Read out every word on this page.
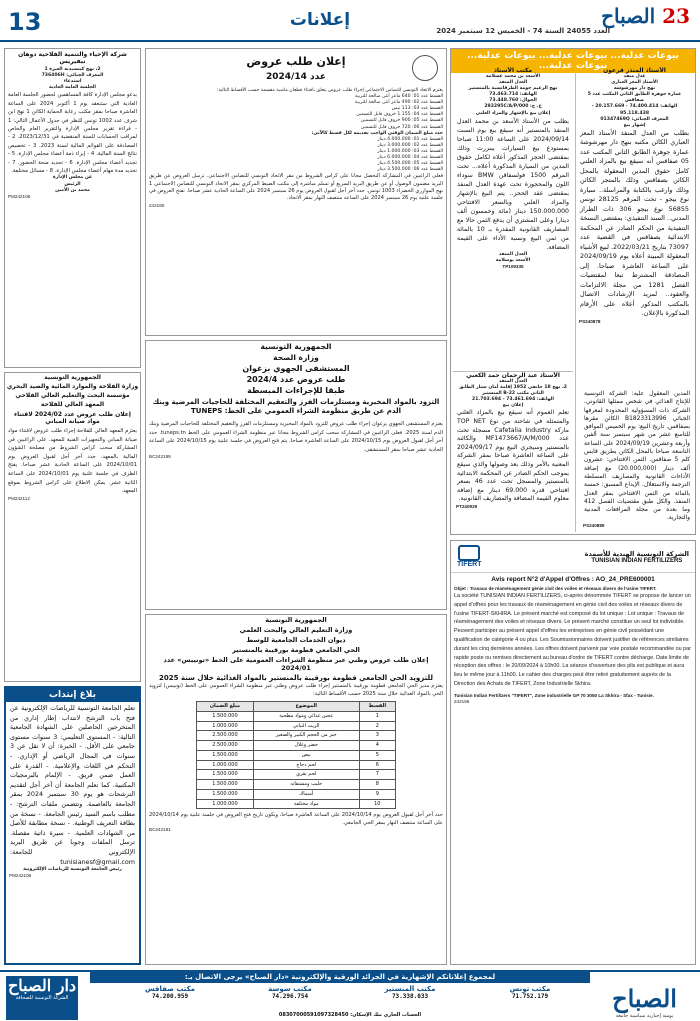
13	إعلانات	23 الصباح
العدد 24055 السنة 74 - الخميس 12 سبتمبر 2024
بيوعات عدلية... بيوعات عدلية... بيوعات عدلية... بيوعات عدلية...
الأستاذ المنذر قرعون
عدل منفذ
الأستاذ المعز العباري
نهج دار مهرشوشة
عمارة جوهرة الطابق الثاني المكتب عدد 5 صفاقس
الهاتف: 74.400.414 - 20.157.669 - 95.118.438
المعرف الجبائي: 01347469Q
إشهار بيع
بطلب من العدل المنفذ الأستاذ المعز العباري الكائن مكتبه بنهج دار مهرشوشة عمارة جوهرة الطابق الثاني المكتب عدد 05 صفاقس أنه سيقع بيع بالمزاد العلني كامل حقوق المدين المعقولة بالمحل الكائن بصفاقس وذلك بالمتجر الكائن وذلك وارغب بالكتابة والمراسلة.. سيارة نوع بيجو - تحت المرقم 28125 تونس 56855 نوع بيجو 306 ذات الطراز المدني.. السند التنفيذي: بمقتضى النسخة التنفيذية من الحكم الصادر عن المحكمة الابتدائية بصفاقس في القضية عدد 73097 بتاريخ 2022/03/21. لبيع الأشياء المعقولة المبينة أعلاه يوم 2024/09/19 على الساعة العاشرة صباحا. إلى المصادقة المشترط تبعا لمقتضيات الفصل 1281 من مجلة الالتزامات والعقود.. لمزيد الإرشادات الاتصال بالمكتب المذكور أعلاه على الأرقام المذكورة بالإعلان.
PS240878
مكتب الأستاذ
الأسعد بن محمد عسلامة
العدل المنفذ
نهج الزعيم حومة الطرقاتسية بالمنستير
الهاتف: 73.463.714
الجوال: 73.448.760
ع. ج: 292295C/A/P/000
إعلان بيع بالإشهار والمزاد العلني
بطلب من الأستاذ الأسعد بن محمد العدل المنفذ بالمنستير أنه سيقع بيع يوم السبت 2024/09/14 على الساعة 11:00 صباحا بمستودع بيع السيارات ببنزرت وذلك بمقتضى الحجز المذكور أعلاه لكامل حقوق المدين من السيارة المذكورة أعلاه... تحت المرقم 1500 فولسفاقن BMW سوداء اللون والمحجوزة تحت عهدة العدل المنفذ بمقتضى عقد الحجز.. يتم البيع بالإشهار والمزاد العلني وبالسعر الافتتاحي 150.000.000 دينار (مائة وخمسون ألف دينار) وعلى المشتري أن يدفع الثمن حالا مع المصاريف القانونية المقدرة بـ 10 بالمائة من ثمن البيع ونسبة الأداء على القيمة المضافة.
العدل المنفذ
الأسعد بوسلامة
TP109335
الأستاذ عبد الرحمان حمد الكعبي
العدل المنفذ
2، نهج 18 جانفي 1952 إقامة أمان ستار الطابق الثاني مكتب B-22 المنستير
الهاتف: 73.461.694 - 21.703.694
إعلان بيع
نعلم العموم أنه سيقع بيع بالمزاد العلني والمتمثلة في شاحنة من نوع TOP NET ماركة Cafetalia Industry مسجلة تحت عدد MF1473667/A/M/000 والكائنة بالمنستير وسيجري البيع يوم 2024/09/17 على الساعة العاشرة صباحا بمقر الشركة المعنية بالأمر وذلك بعد وصولها والذي سيقع بموجب الحكم الصادر عن المحكمة الابتدائية بالمنستير والمسجل تحت عدد 46 بسعر افتتاحي قدره 69.000 دينار مع إضافة معلوم القيمة المضافة والمصاريف القانونية.
PT240929
المدين المعقول عليه: الشركة التونسية للإنتاج الغذائي في شخص ممثلها القانوني. الشركة ذات المسؤولية المحدودة لمعرفها الجبائي B1823313996 الكائن مقرها بصفاقس. تاريخ البيع: يوم الخميس الموافق للتاسع عشر من شهر سبتمبر سنة ألفين وأربعة وعشرين 2024/09/19 على الساعة التاسعة صباحا بالمحل الكائن بطريق قابس كلم 5 صفاقس. الثمن الافتتاحي: عشرون ألف دينار (20.000,000) مع إضافة الأداءات القانونية والمصاريف المسلطة الترجمة والاستغلال. الإيداع المسبق: خمسة بالمائة من الثمن الافتتاحي بمقر العدل المنفذ. والكل طبق مقتضيات الفصل 412 وما بعده من مجلة المرافعات المدنية والتجارية.
PS240889
الشركة التونسية الهندية للأسمدة
TUNISIAN INDIAN FERTILIZERS
TIFERT
Avis report N°2 d'Appel d'Offres : AO_24_PRE600001
Objet : Travaux de réaménagement génie civil des voiles et réseaux divers de l'usine TIFERT.
La société TUNISIAN INDIAN FERTILIZERS, ci-après dénommée TIFERT se propose de lancer un appel d'offres pour les travaux de réaménagement en génie civil des voiles et réseaux divers de l'usine TIFERT-SKHIRA. Le présent marché est composé du lot unique : Lot unique : Travaux de réaménagement des voiles et réseaux divers. Le présent marché constitue un seul lot indivisible. Peuvent participer au présent appel d'offres les entreprises en génie civil possédant une qualification de catégorie 4 ou plus. Les Soumissionnaires doivent justifier de références similaires durant les cinq dernières années. Les offres doivent parvenir par voie postale recommandée ou par rapide poste ou remises directement au bureau d'ordre de TIFERT contre décharge. Date limite de réception des offres : le 20/09/2024 à 10h00. La séance d'ouverture des plis est publique et aura lieu le même jour à 11h00. Le cahier des charges peut être retiré gratuitement auprès de la Direction des Achats de TIFERT, Zone Industrielle Skhira.
Tunisian Indian Fertilizers "TIFERT", Zone industrielle GP 70 3050 La Skhira - Sfax - Tunisie.
242186
إعلان طلب عروض
عدد 2024/14
يعتزم الاتحاد التونسي للتضامن الاجتماعي إجراء طلب عروض يتعلق باقتناء قطعان ماشية مقسمة حسب الأقساط التالية:
القسط عدد 01: 640 ماعز أنثى صالحة للتربية
القسط عدد 02: 490 ماعز أنثى صالحة للتربية
القسط عدد 03: 113 تيس
القسط عدد 04: 1.155 خروف قابل للتسمين
القسط عدد 05: 900 خروف قابل للتسمين
القسط عدد 06: 720 خروف قابل للتسمين
حدد مبلغ الضمان الوقتي الواجب تقديمه لكل قسط كالآتي:
القسط عدد 01: 4.000.000 دينار
القسط عدد 02: 3.000.000 دينار
القسط عدد 03: 1.000.000 دينار
القسط عدد 04: 6.000.000 دينار
القسط عدد 05: 4.500.000 دينار
القسط عدد 06: 3.500.000 دينار
فعلى الراغبين في المشاركة التحصل مجانا على كراس الشروط من مقر الاتحاد التونسي للتضامن الاجتماعي. ترسل العروض عن طريق البريد مضمون الوصول أو عن طريق البريد السريع أو تسلم مباشرة إلى مكتب الضبط المركزي بمقر الاتحاد التونسي للتضامن الاجتماعي 1 نهج الموازري الخضراء 1003 تونس. حدد آخر أجل لقبول العروض يوم 26 سبتمبر 2024 على الساعة الحادية عشر صباحا. تفتح العروض في جلسة علنية يوم 26 سبتمبر 2024 على الساعة منتصف النهار بمقر الاتحاد.
242180
الجمهورية التونسية
وزارة الصحة
المستشفى الجهوي بزغوان
طلب عروض عدد 2024/4
طبقا للإجراءات المبسطة
التزود بالمواد المخبرية ومستلزمات الفرز والتعقيم المختلفة للحاجيات المرضية وبنك الدم عن طريق منظومة الشراء العمومي على الخط: TUNEPS
يعتزم المستشفى الجهوي بزغوان إجراء طلب عروض للتزود بالمواد المخبرية ومستلزمات الفرز والتعقيم المختلفة للحاجيات المرضية وبنك الدم لسنة 2025. فعلى الراغبين في المشاركة سحب كراس الشروط مجانا عبر منظومة الشراء العمومي على الخط tuneps.tn. حدد آخر أجل لقبول العروض يوم 2024/10/15 على الساعة العاشرة صباحا. يتم فتح العروض في جلسة علنية يوم 2024/10/15 على الساعة الحادية عشر صباحا بمقر المستشفى.
BC242189
الجمهورية التونسية
وزارة التعليم العالي والبحث العلمي
ديوان الخدمات الجامعية للوسط
الحي الجامعي قطومة بورقيبة بالمنستير
إعلان طلب عروض وطني عبر منظومة الشراءات العمومية على الخط «تونيبس» عدد 2024/01
للتزويد الحي الجامعي قطومة بورقيبة بالمنستير بالمواد الغذائية خلال سنة 2025
يعتزم مدير الحي الجامعي قطومة بورقيبة بالمنستير إجراء طلب عروض وطني عبر منظومة الشراء العمومي على الخط (تونيبس) لتزويد الحي بالمواد الغذائية خلال سنة 2025 حسب الأقساط التالية:
القسط	الموضوع	مبلغ الضمان
1	عجين غذائي ومواد مطحية	1.500.000
2	الزيت النباتي	1.000.000
3	خبز من الحجم الكبير والصغير	2.500.000
4	خضر وغلال	2.500.000
5	بيض	1.500.000
6	لحم دجاج	1.000.000
7	لحم بقري	1.500.000
8	حليب ومشتقاته	1.500.000
9	أسماك	1.500.000
10	مواد مختلفة	1.000.000
حدد آخر أجل لقبول العروض يوم 2024/10/14 على الساعة العاشرة صباحا، ويكون تاريخ فتح العروض في جلسة علنية يوم 2024/10/14 على الساعة منتصف النهار بمقر الحي الجامعي.
BC242181
شركة الإحياء والتنمية الفلاحية دوهان نيفيريس
2، نهج كينسيدنة العيزة 1
المعرف الجبائي: 736406H
استدعاء
الجلسة العامة العادية
يدعو مجلس الإدارة كافة المساهمين لحضور الجلسة العامة العادية التي ستنعقد يوم 1 أكتوبر 2024 على الساعة العاشرة صباحا بمقر مكتب رعاية الحماية الكائن 1 نهج ابن شرف عدد 1002 تونس للنظر في جدول الأعمال التالي: 1 - قراءة تقرير مجلس الإدارة والتقرير العام والخاص لمراقب الحسابات للسنة المنقضية في 2023/12/31. 2 - المصادقة على القوائم المالية لسنة 2023. 3 - تخصيص نتائج السنة المالية. 4 - إبراء ذمة أعضاء مجلس الإدارة. 5 - تجديد أعضاء مجلس الإدارة. 6 - تحديد منحة الحضور. 7 - تحديد مدة مهام أعضاء مجلس الإدارة. 8 - مسائل مختلفة.
عن مجلس الإدارة
الرئيس
محمد بن الأمين
PM242106
الجمهورية التونسية
وزارة الفلاحة والموارد المائية والصيد البحري
مؤسسة البحث والتعليم العالي الفلاحي
المعهد العالي للفلاحة
إعلان طلب عروض عدد 2024/02 لاقتناء مواد صيانة المباني
يعتزم المعهد العالي للفلاحة إجراء طلب عروض لاقتناء مواد صيانة المباني والتجهيزات الفنية للمعهد. على الراغبين في المشاركة سحب كراس الشروط من مصلحة الشؤون المالية بالمعهد. حدد آخر أجل لقبول العروض يوم 2024/10/01 على الساعة الحادية عشر صباحا. يفتح الظرف في جلسة علنية يوم 2024/10/01 على الساعة الثانية عشر. يمكن الاطلاع على كراس الشروط بموقع المعهد.
PM242112
بلاغ إنتداب
تعلم الجامعة التونسية للرياضات الإلكترونية عن فتح باب الترشح لانتداب إطار إداري من المتخرجين الحاصلين على الشهادة الجامعية التالية: - المستوى التعليمي: 3 سنوات مستوى جامعي على الأقل. - الخبرة: أن لا تقل عن 3 سنوات في المجال الرياضي أو الإداري. - التحكم في اللغات والإعلامية. - القدرة على العمل ضمن فريق. - الإلمام بالبرمجيات المكتبية. كما تعلم الجامعة أن آخر أجل لتقديم الترشحات هو يوم 30 سبتمبر 2024 بمقر الجامعة بالعاصمة. وتتضمن ملفات الترشح: - مطلب باسم السيد رئيس الجامعة. - نسخة من بطاقة التعريف الوطنية. - نسخة مطابقة للأصل من الشهادات العلمية. - سيرة ذاتية مفصلة. ترسل الملفات وجوبا عن طريق البريد الإلكتروني للجامعة: tunisianesf@gmail.com
رئيس الجامعة التونسية للرياضات الإلكترونية
PM242106
لمجموع إعلاناتكم الإشهارية في الجرائد الورقية والإلكترونية «دار الصباح» يرجى الاتصال بـ:
الصباح
يومية إخبارية سياسية جامعة
مكتب تونس
71.752.179
مكتب المنستير
73.338.033
مكتب سوسة
74.296.754
مكتب صفاقس
74.200.959
الحساب الجاري بنك الإسكان: 08307000591097328450
دار الصباح
الشركة التونسية للصحافة
